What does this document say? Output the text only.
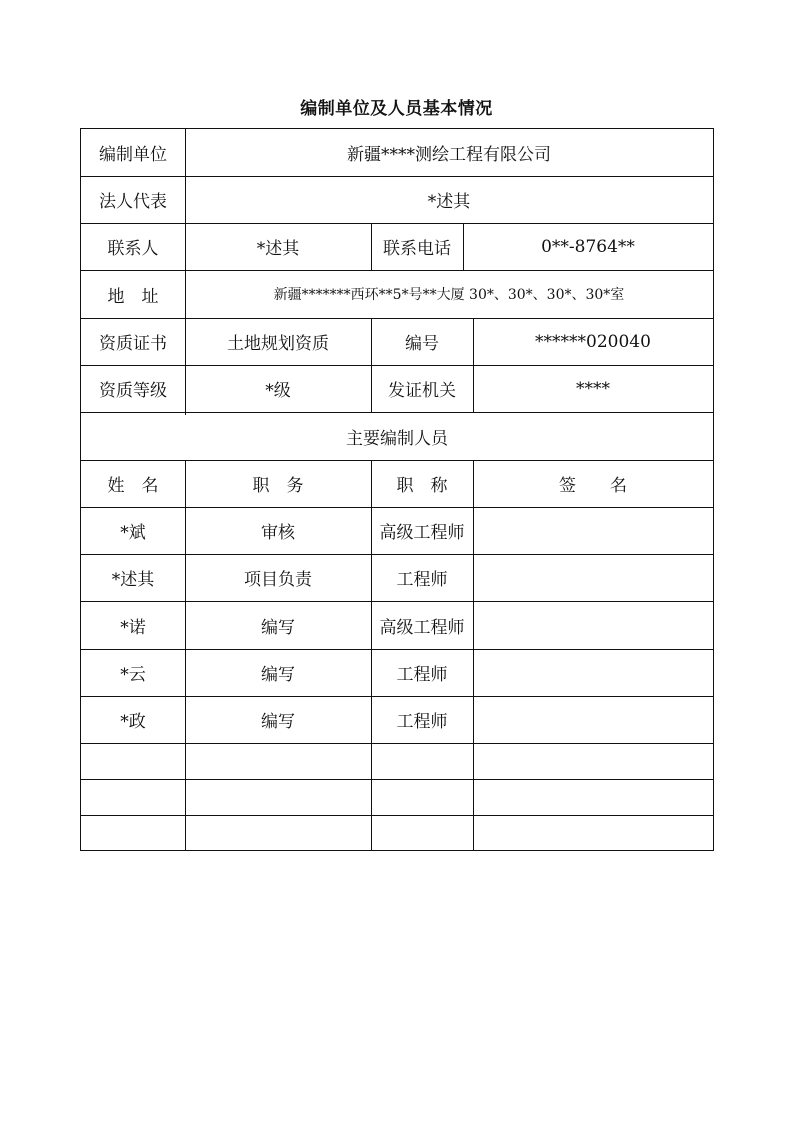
编制单位及人员基本情况
编制单位	新疆****测绘工程有限公司
法人代表	*述其
联系人	*述其	联系电话	0**-8764**
地　址	新疆*******西环**5*号**大厦 30*、30*、30*、30*室
资质证书	土地规划资质	编号	******020040
资质等级	*级	发证机关	****
主要编制人员
姓　名	职　务	职　称	签　　名
*斌	审核	高级工程师
*述其	项目负责	工程师
*诺	编写	高级工程师
*云	编写	工程师
*政	编写	工程师
